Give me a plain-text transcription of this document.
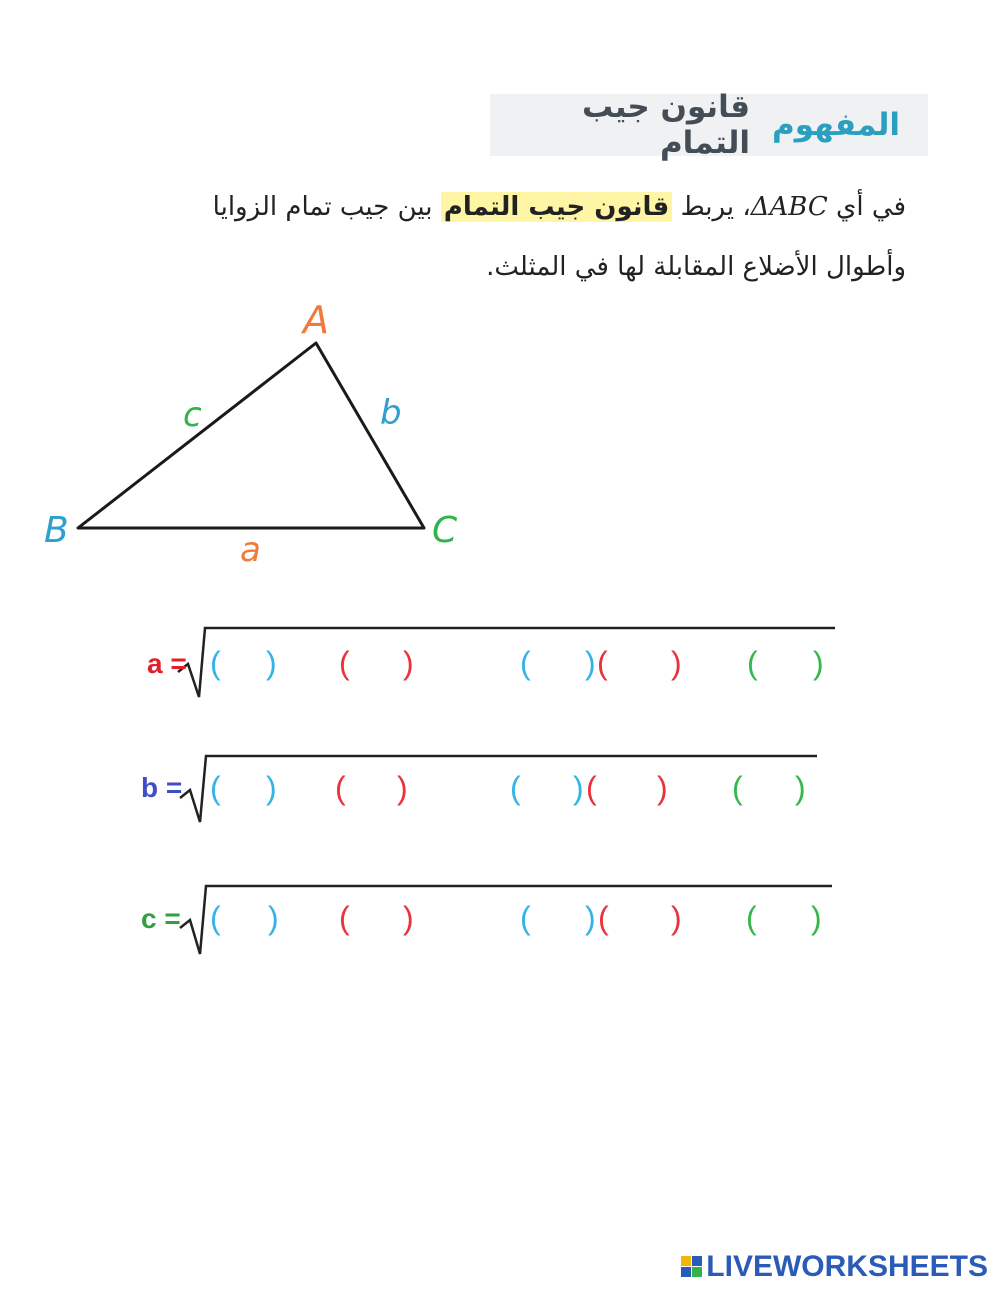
المفهوم
قانون جيب التمام
في أي ΔABC، يربط قانون جيب التمام بين جيب تمام الزوايا
وأطوال الأضلاع المقابلة لها في المثلث.
A
B	C
a
b
c
a =
b =
c =
( ) ( )	( ) ( ) ( )
( ) ( )	( ) ( ) ( )
( ) ( )	( ) ( ) ( )
LIVEWORKSHEETS
